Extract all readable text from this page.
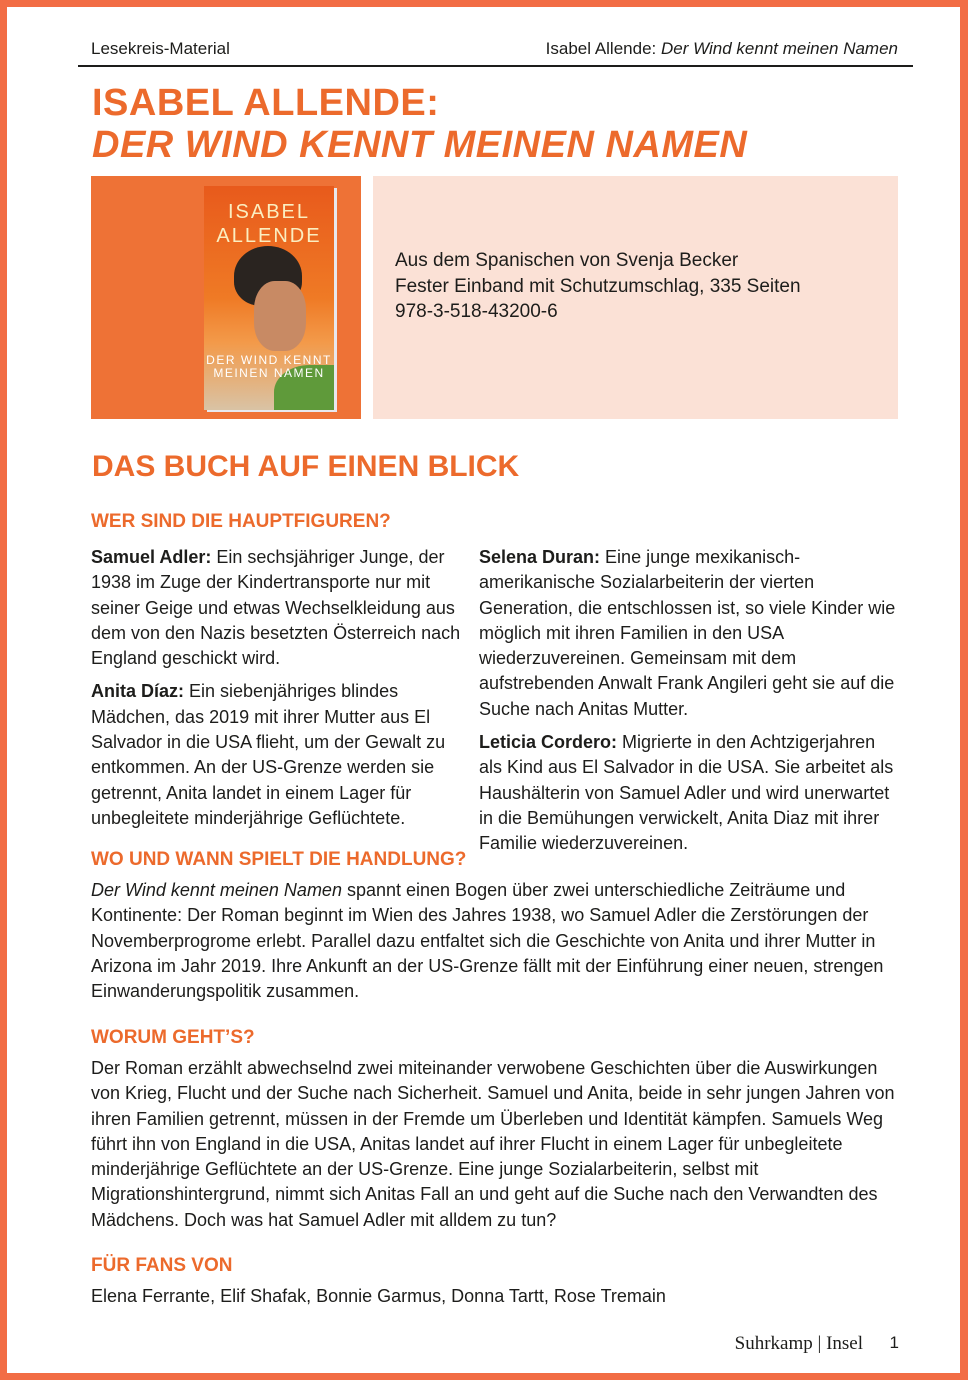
Lesekreis-Material	Isabel Allende: Der Wind kennt meinen Namen
ISABEL ALLENDE:
DER WIND KENNT MEINEN NAMEN
ISABEL ALLENDE
DER WIND KENNT MEINEN NAMEN
Aus dem Spanischen von Svenja Becker
Fester Einband mit Schutzumschlag, 335 Seiten
978-3-518-43200-6
DAS BUCH AUF EINEN BLICK
WER SIND DIE HAUPTFIGUREN?

Samuel Adler: Ein sechsjähriger Junge, der 1938 im Zuge der Kindertransporte nur mit seiner Geige und etwas Wechselkleidung aus dem von den Nazis besetzten Österreich nach England geschickt wird.

Anita Díaz: Ein siebenjähriges blindes Mädchen, das 2019 mit ihrer Mutter aus El Salvador in die USA flieht, um der Gewalt zu entkommen. An der US-Grenze werden sie getrennt, Anita landet in einem Lager für unbegleitete minderjährige Geflüchtete.

Selena Duran: Eine junge mexikanisch-amerikanische Sozialarbeiterin der vierten Generation, die entschlossen ist, so viele Kinder wie möglich mit ihren Familien in den USA wiederzuvereinen. Gemeinsam mit dem aufstrebenden Anwalt Frank Angileri geht sie auf die Suche nach Anitas Mutter.

Leticia Cordero: Migrierte in den Achtzigerjahren als Kind aus El Salvador in die USA. Sie arbeitet als Haushälterin von Samuel Adler und wird unerwartet in die Bemühungen verwickelt, Anita Diaz mit ihrer Familie wiederzuvereinen.

WO UND WANN SPIELT DIE HANDLUNG?

Der Wind kennt meinen Namen spannt einen Bogen über zwei unterschiedliche Zeiträume und Kontinente: Der Roman beginnt im Wien des Jahres 1938, wo Samuel Adler die Zerstörungen der Novemberprogrome erlebt. Parallel dazu entfaltet sich die Geschichte von Anita und ihrer Mutter in Arizona im Jahr 2019. Ihre Ankunft an der US-Grenze fällt mit der Einführung einer neuen, strengen Einwanderungspolitik zusammen.

WORUM GEHT’S?

Der Roman erzählt abwechselnd zwei miteinander verwobene Geschichten über die Auswirkungen von Krieg, Flucht und der Suche nach Sicherheit. Samuel und Anita, beide in sehr jungen Jahren von ihren Familien getrennt, müssen in der Fremde um Überleben und Identität kämpfen. Samuels Weg führt ihn von England in die USA, Anitas landet auf ihrer Flucht in einem Lager für unbegleitete minderjährige Geflüchtete an der US-Grenze. Eine junge Sozialarbeiterin, selbst mit Migrationshintergrund, nimmt sich Anitas Fall an und geht auf die Suche nach den Verwandten des Mädchens. Doch was hat Samuel Adler mit alldem zu tun?

FÜR FANS VON

Elena Ferrante, Elif Shafak, Bonnie Garmus, Donna Tartt, Rose Tremain

Suhrkamp | Insel 1
